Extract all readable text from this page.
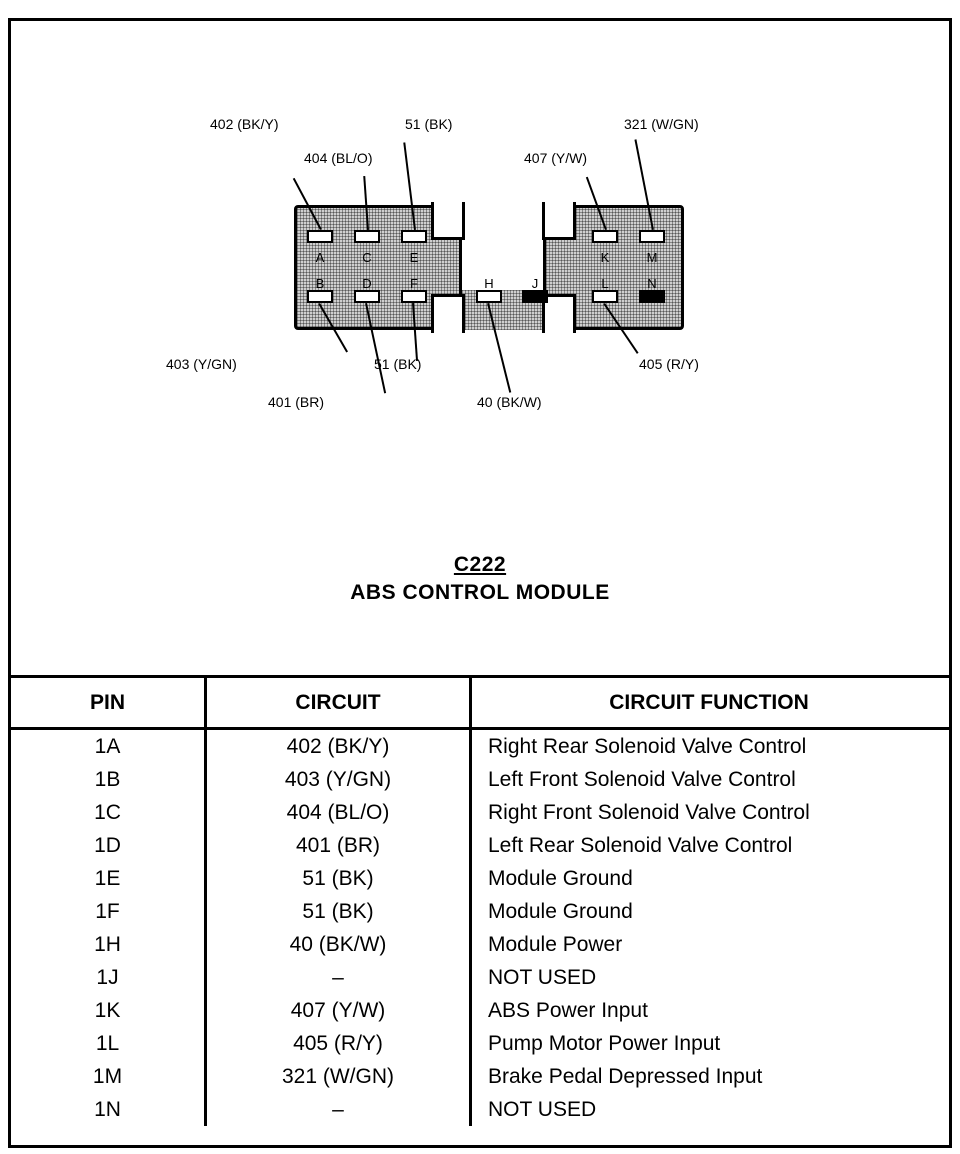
A	C	E	K	M
B	D	F	H	J	L	N
402 (BK/Y)
404 (BL/O)
51 (BK)
407 (Y/W)
321 (W/GN)
403 (Y/GN)
401 (BR)
51 (BK)
40 (BK/W)
405 (R/Y)
C222
ABS CONTROL MODULE
PIN	CIRCUIT	CIRCUIT FUNCTION
1A	402 (BK/Y)	Right Rear Solenoid Valve Control
1B	403 (Y/GN)	Left Front Solenoid Valve Control
1C	404 (BL/O)	Right Front Solenoid Valve Control
1D	401 (BR)	Left Rear Solenoid Valve Control
1E	51 (BK)	Module Ground
1F	51 (BK)	Module Ground
1H	40 (BK/W)	Module Power
1J	–	NOT USED
1K	407 (Y/W)	ABS Power Input
1L	405 (R/Y)	Pump Motor Power Input
1M	321 (W/GN)	Brake Pedal Depressed Input
1N	–	NOT USED
